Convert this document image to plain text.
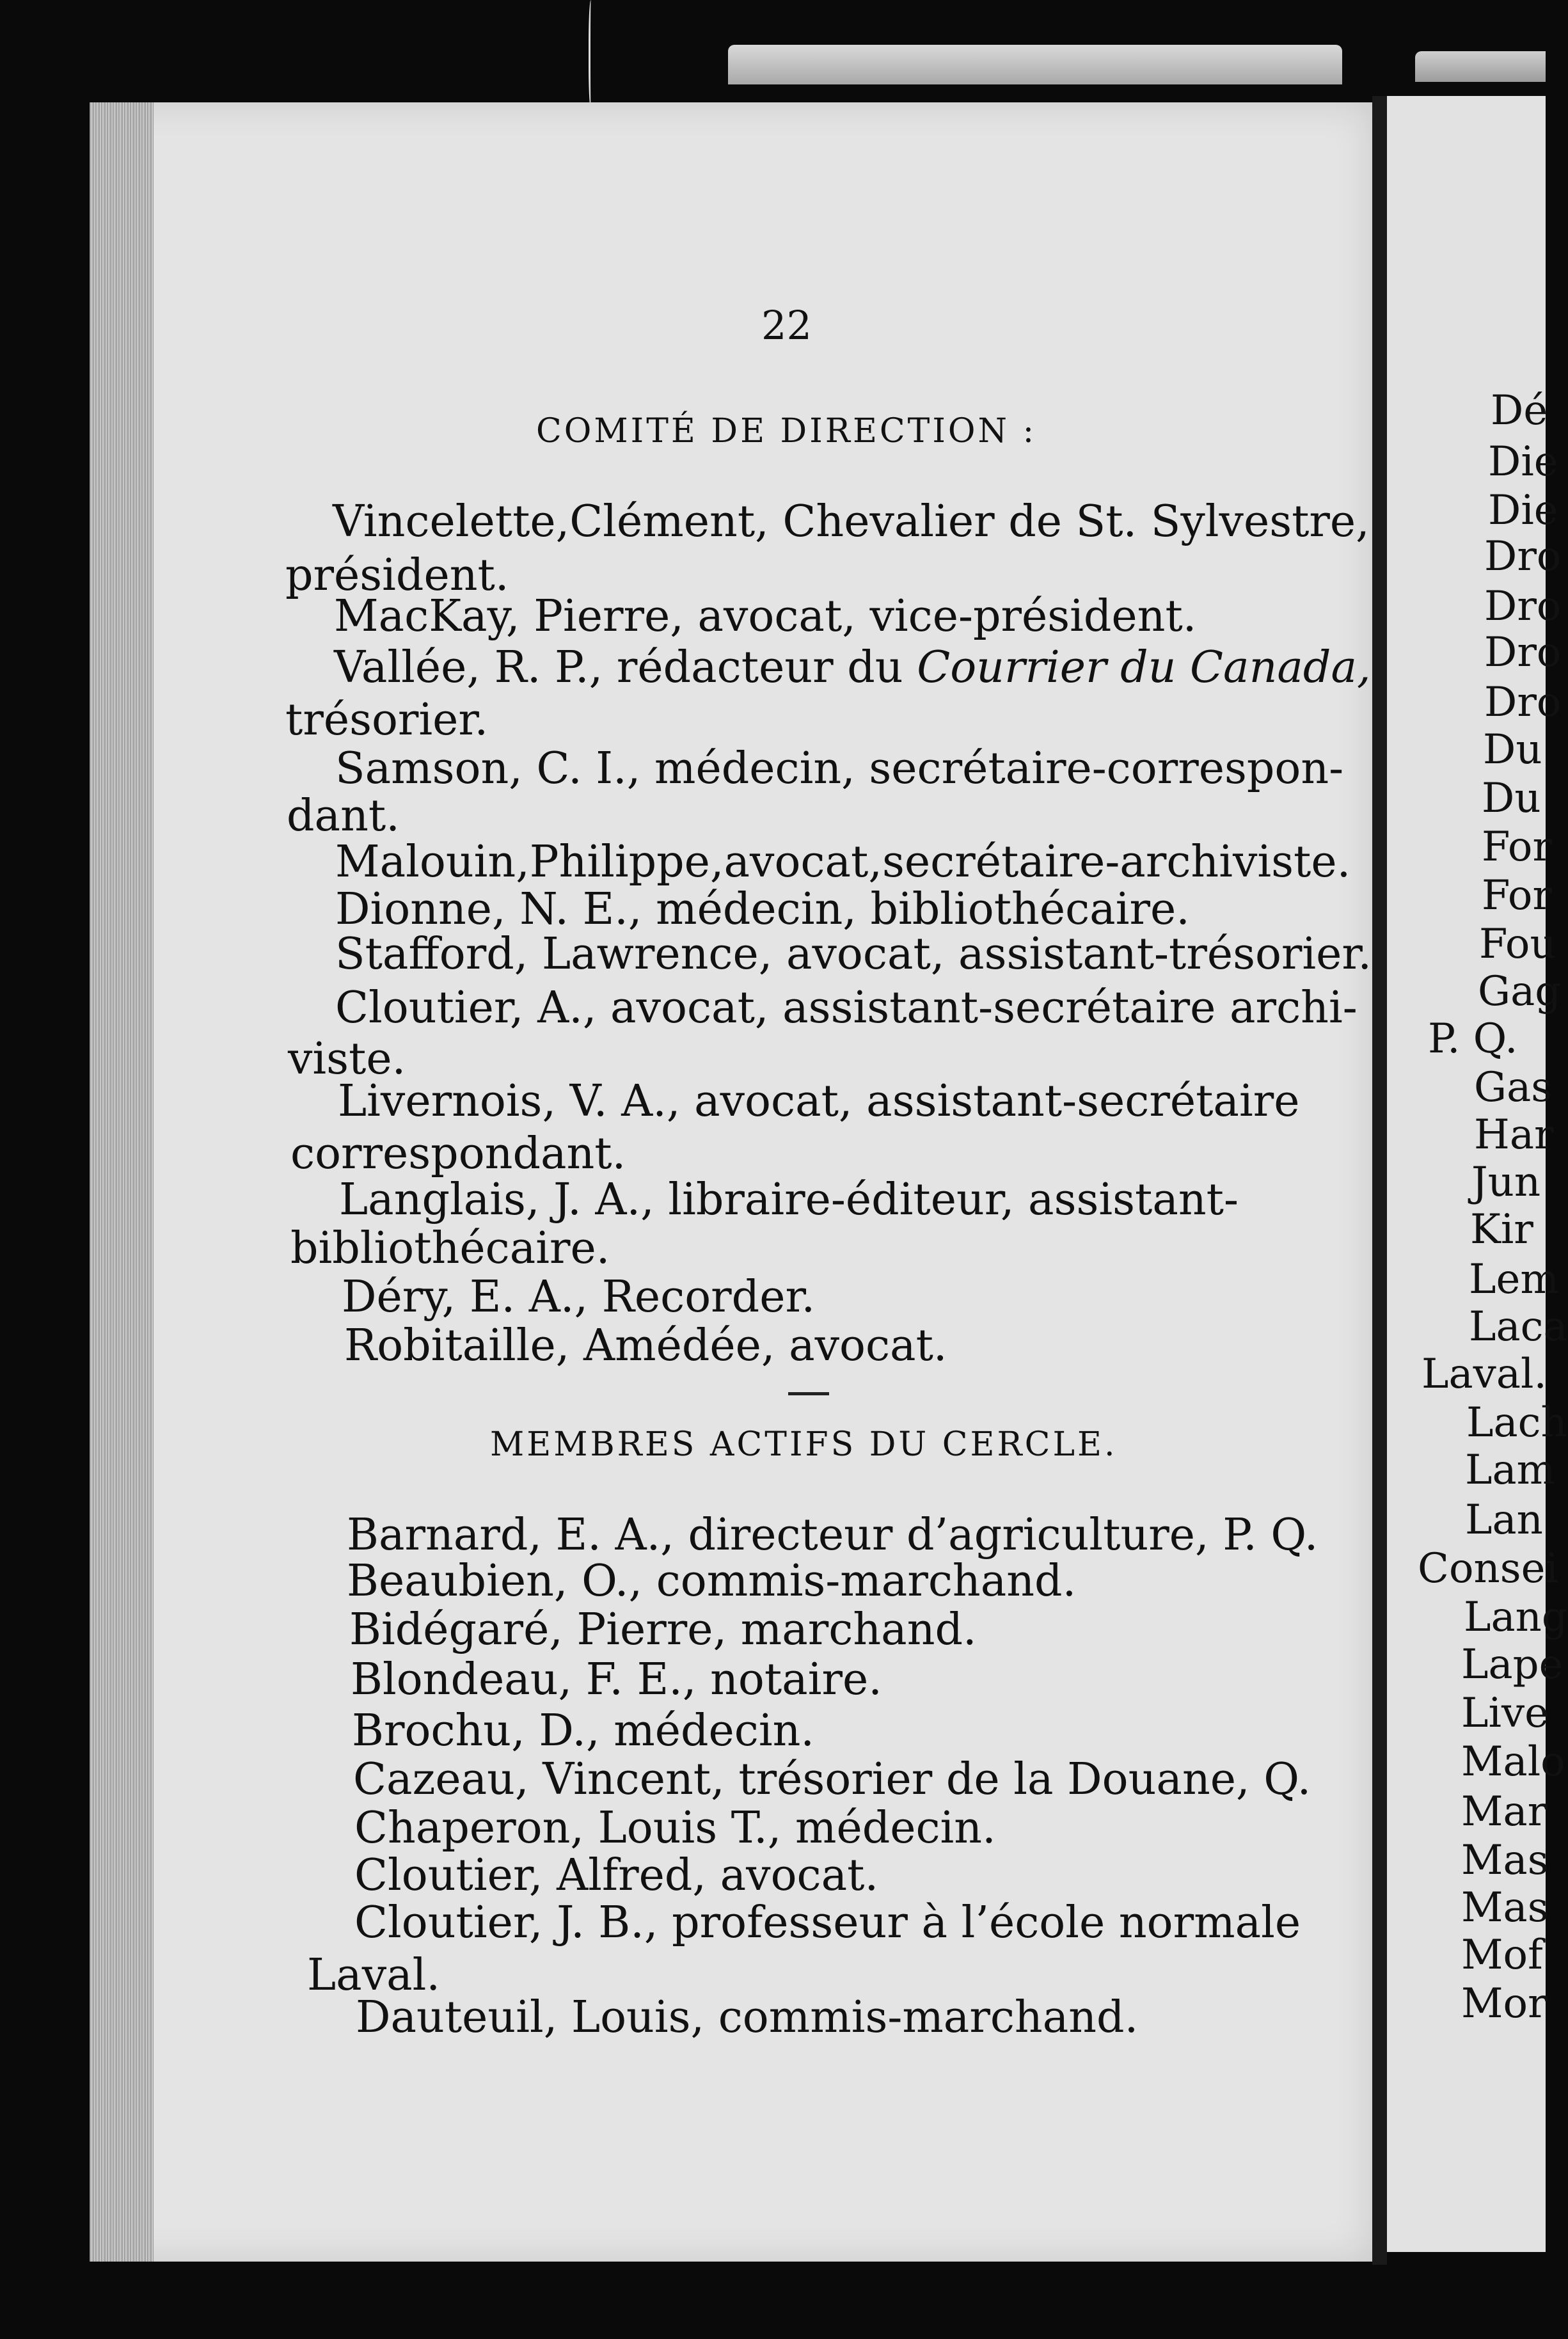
22
COMITÉ DE DIRECTION :
Vincelette,Clément, Chevalier de St. Sylvestre,
président.
MacKay, Pierre, avocat, vice-président.
Vallée, R. P., rédacteur du Courrier du Canada,
trésorier.
Samson, C. I., médecin, secrétaire-correspon-
dant.
Malouin,Philippe,avocat,secrétaire-archiviste.
Dionne, N. E., médecin, bibliothécaire.
Stafford, Lawrence, avocat, assistant-trésorier.
Cloutier, A., avocat, assistant-secrétaire archi-
viste.
Livernois, V. A., avocat, assistant-secrétaire
correspondant.
Langlais, J. A., libraire-éditeur, assistant-
bibliothécaire.
Déry, E. A., Recorder.
Robitaille, Amédée, avocat.
MEMBRES ACTIFS DU CERCLE.
Barnard, E. A., directeur d’agriculture, P. Q.
Beaubien, O., commis-marchand.
Bidégaré, Pierre, marchand.
Blondeau, F. E., notaire.
Brochu, D., médecin.
Cazeau, Vincent, trésorier de la Douane, Q.
Chaperon, Louis T., médecin.
Cloutier, Alfred, avocat.
Cloutier, J. B., professeur à l’école normale
Laval.
Dauteuil, Louis, commis-marchand.
Dé
Die
Die
Dro
Dro
Dro
Dro
Du
Du
For
For
Fou
Gag
P. Q.
Gas
Har
Jun
Kir
Lem
Laca
Laval.
Lach
Lam
Lan
Consei
Lang
Lape
Live
Malo
Mar
Mas
Mas
Mof
Mor
